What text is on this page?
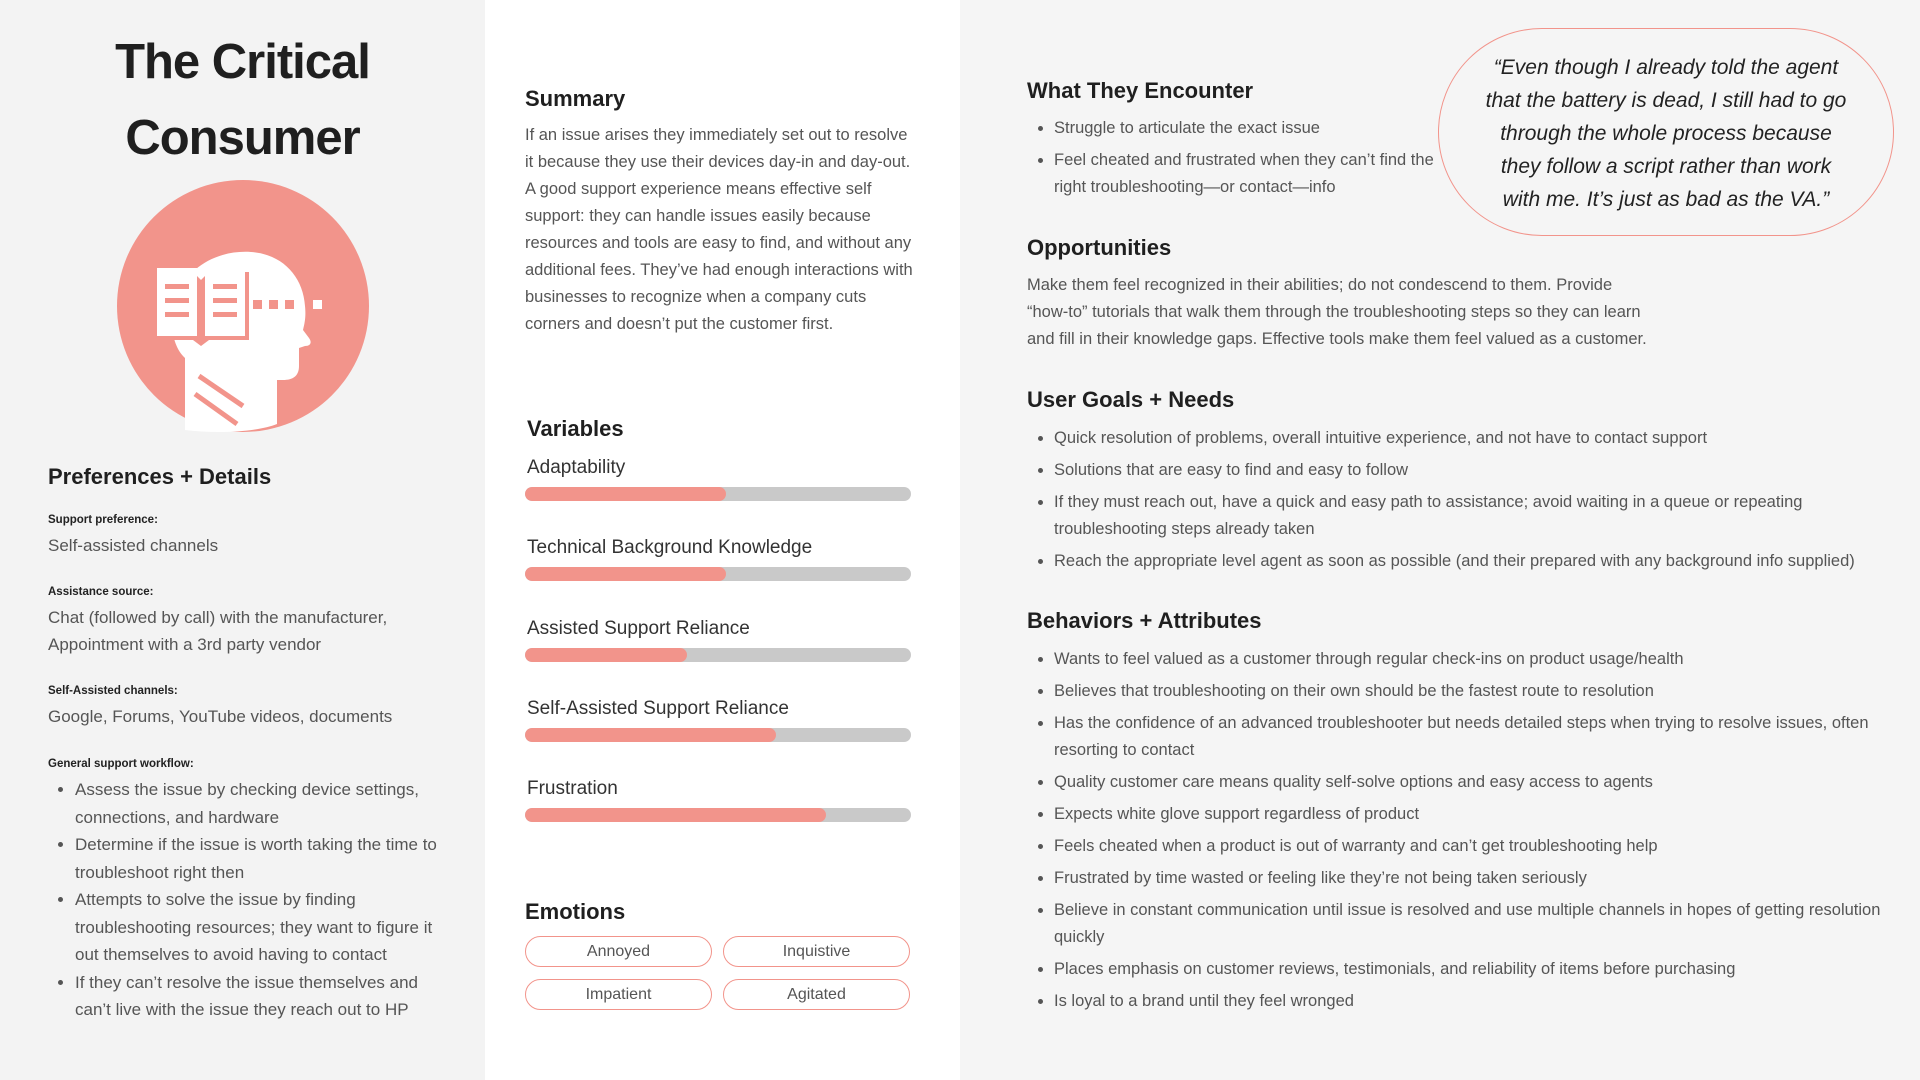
The Critical
Consumer
Preferences + Details
Support preference:
Self-assisted channels
Assistance source:
Chat (followed by call) with the manufacturer,
Appointment with a 3rd party vendor
Self-Assisted channels:
Google, Forums, YouTube videos, documents
General support workflow:
• Assess the issue by checking device settings, connections, and hardware
• Determine if the issue is worth taking the time to troubleshoot right then
• Attempts to solve the issue by finding troubleshooting resources; they want to figure it out themselves to avoid having to contact
• If they can’t resolve the issue themselves and can’t live with the issue they reach out to HP
Summary
If an issue arises they immediately set out to resolve it because they use their devices day-in and day-out. A good support experience means effective self support: they can handle issues easily because resources and tools are easy to find, and without any additional fees. They’ve had enough interactions with businesses to recognize when a company cuts corners and doesn’t put the customer first.
Variables
Adaptability
Technical Background Knowledge
Assisted Support Reliance
Self-Assisted Support Reliance
Frustration
Emotions
Annoyed	Inquistive
Impatient	Agitated
What They Encounter
• Struggle to articulate the exact issue
• Feel cheated and frustrated when they can’t find the right troubleshooting—or contact—info
“Even though I already told the agent
that the battery is dead, I still had to go
through the whole process because
they follow a script rather than work
with me. It’s just as bad as the VA.”
Opportunities
Make them feel recognized in their abilities; do not condescend to them. Provide
“how-to” tutorials that walk them through the troubleshooting steps so they can learn
and fill in their knowledge gaps. Effective tools make them feel valued as a customer.
User Goals + Needs
• Quick resolution of problems, overall intuitive experience, and not have to contact support
• Solutions that are easy to find and easy to follow
• If they must reach out, have a quick and easy path to assistance; avoid waiting in a queue or repeating troubleshooting steps already taken
• Reach the appropriate level agent as soon as possible (and their prepared with any background info supplied)
Behaviors + Attributes
• Wants to feel valued as a customer through regular check-ins on product usage/health
• Believes that troubleshooting on their own should be the fastest route to resolution
• Has the confidence of an advanced troubleshooter but needs detailed steps when trying to resolve issues, often resorting to contact
• Quality customer care means quality self-solve options and easy access to agents
• Expects white glove support regardless of product
• Feels cheated when a product is out of warranty and can’t get troubleshooting help
• Frustrated by time wasted or feeling like they’re not being taken seriously
• Believe in constant communication until issue is resolved and use multiple channels in hopes of getting resolution quickly
• Places emphasis on customer reviews, testimonials, and reliability of items before purchasing
• Is loyal to a brand until they feel wronged
